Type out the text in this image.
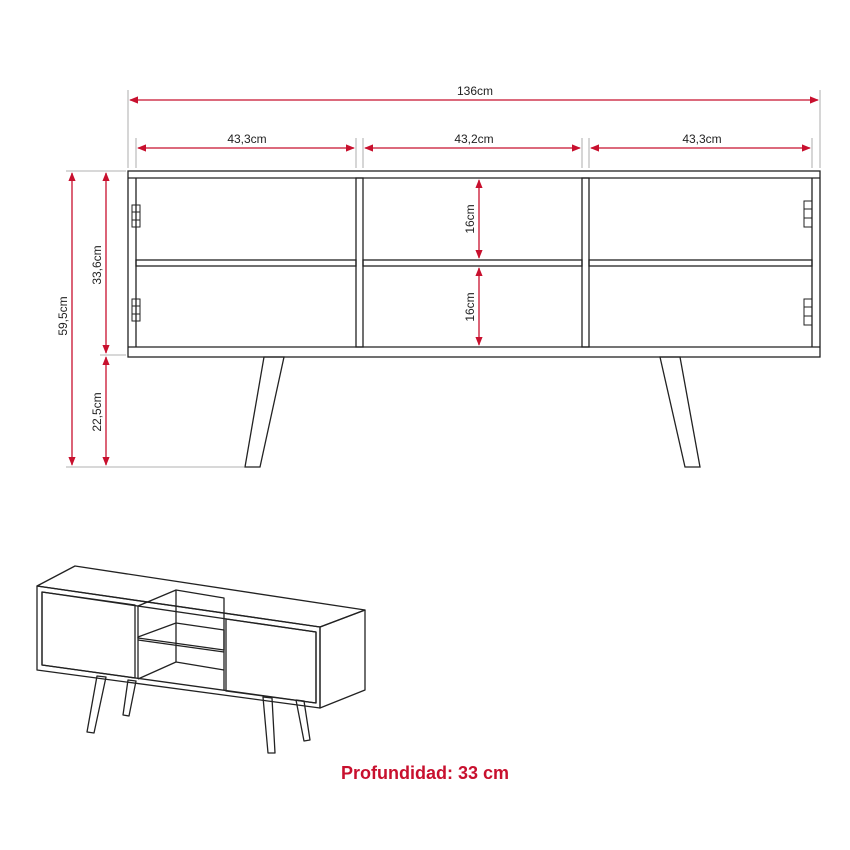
136cm
43,3cm	43,2cm	43,3cm
59,5cm
33,6cm
22,5cm
16cm
16cm
Profundidad: 33 cm
